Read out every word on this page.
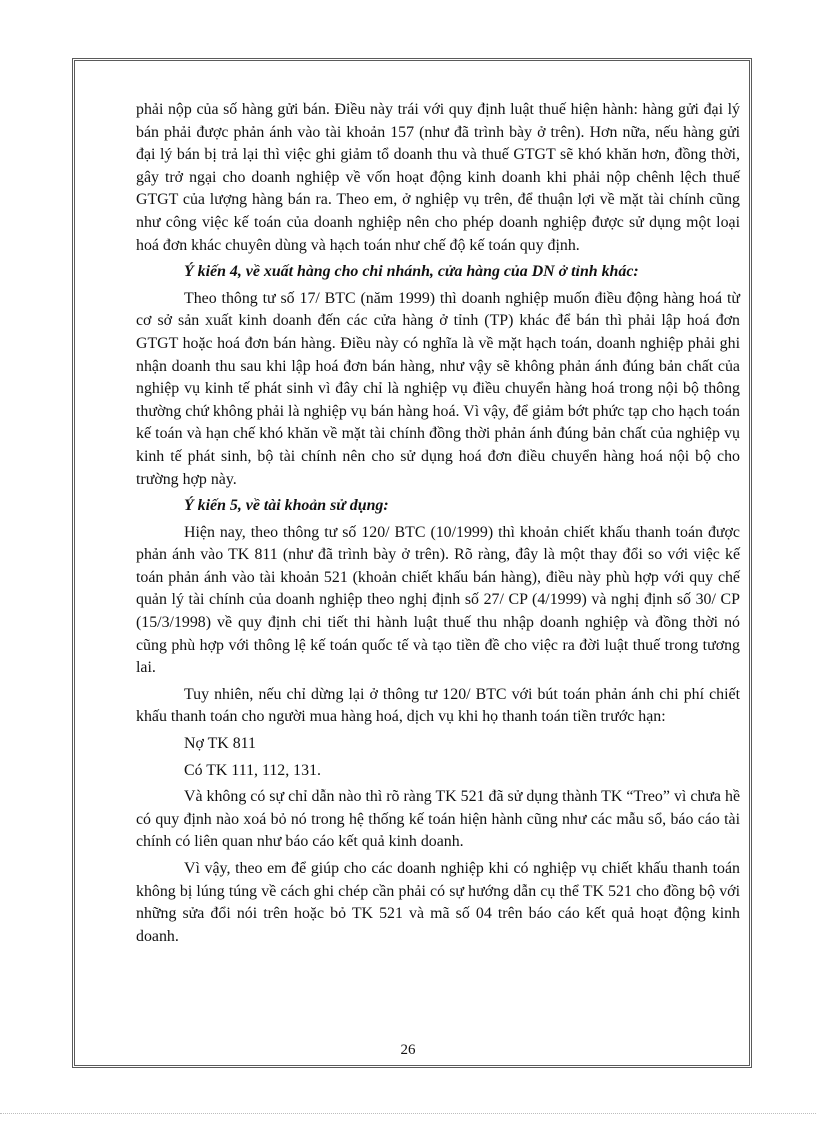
phải nộp của số hàng gửi bán. Điều này trái với quy định luật thuế hiện hành: hàng gửi đại lý bán phải được phản ánh vào tài khoản 157 (như đã trình bày ở trên). Hơn nữa, nếu hàng gửi đại lý bán bị trả lại thì việc ghi giảm tổ doanh thu và thuế GTGT sẽ khó khăn hơn, đồng thời, gây trở ngại cho doanh nghiệp về vốn hoạt động kinh doanh khi phải nộp chênh lệch thuế GTGT của lượng hàng bán ra. Theo em, ở nghiệp vụ trên, để thuận lợi về mặt tài chính cũng như công việc kế toán của doanh nghiệp nên cho phép doanh nghiệp được sử dụng một loại hoá đơn khác chuyên dùng và hạch toán như chế độ kế toán quy định.

Ý kiến 4, về xuất hàng cho chi nhánh, cửa hàng của DN ở tỉnh khác:

Theo thông tư số 17/ BTC (năm 1999) thì doanh nghiệp muốn điều động hàng hoá từ cơ sở sản xuất kinh doanh đến các cửa hàng ở tỉnh (TP) khác để bán thì phải lập hoá đơn GTGT hoặc hoá đơn bán hàng. Điều này có nghĩa là về mặt hạch toán, doanh nghiệp phải ghi nhận doanh thu sau khi lập hoá đơn bán hàng, như vậy sẽ không phản ánh đúng bản chất của nghiệp vụ kinh tế phát sinh vì đây chỉ là nghiệp vụ điều chuyển hàng hoá trong nội bộ thông thường chứ không phải là nghiệp vụ bán hàng hoá. Vì vậy, để giảm bớt phức tạp cho hạch toán kế toán và hạn chế khó khăn về mặt tài chính đồng thời phản ánh đúng bản chất của nghiệp vụ kinh tế phát sinh, bộ tài chính nên cho sử dụng hoá đơn điều chuyển hàng hoá nội bộ cho trường hợp này.

Ý kiến 5, về tài khoản sử dụng:

Hiện nay, theo thông tư số 120/ BTC (10/1999) thì khoản chiết khấu thanh toán được phản ánh vào TK 811 (như đã trình bày ở trên). Rõ ràng, đây là một thay đổi so với việc kế toán phản ánh vào tài khoản 521 (khoản chiết khấu bán hàng), điều này phù hợp với quy chế quản lý tài chính của doanh nghiệp theo nghị định số 27/ CP (4/1999) và nghị định số 30/ CP (15/3/1998) về quy định chi tiết thi hành luật thuế thu nhập doanh nghiệp và đồng thời nó cũng phù hợp với thông lệ kế toán quốc tế và tạo tiền đề cho việc ra đời luật thuế trong tương lai.

Tuy nhiên, nếu chỉ dừng lại ở thông tư 120/ BTC với bút toán phản ánh chi phí chiết khấu thanh toán cho người mua hàng hoá, dịch vụ khi họ thanh toán tiền trước hạn:

Nợ TK 811

Có TK 111, 112, 131.

Và không có sự chỉ dẫn nào thì rõ ràng TK 521 đã sử dụng thành TK “Treo” vì chưa hề có quy định nào xoá bỏ nó trong hệ thống kế toán hiện hành cũng như các mẫu sổ, báo cáo tài chính có liên quan như báo cáo kết quả kinh doanh.

Vì vậy, theo em để giúp cho các doanh nghiệp khi có nghiệp vụ chiết khấu thanh toán không bị lúng túng về cách ghi chép cần phải có sự hướng dẫn cụ thể TK 521 cho đồng bộ với những sửa đổi nói trên hoặc bỏ TK 521 và mã số 04 trên báo cáo kết quả hoạt động kinh doanh.

26
